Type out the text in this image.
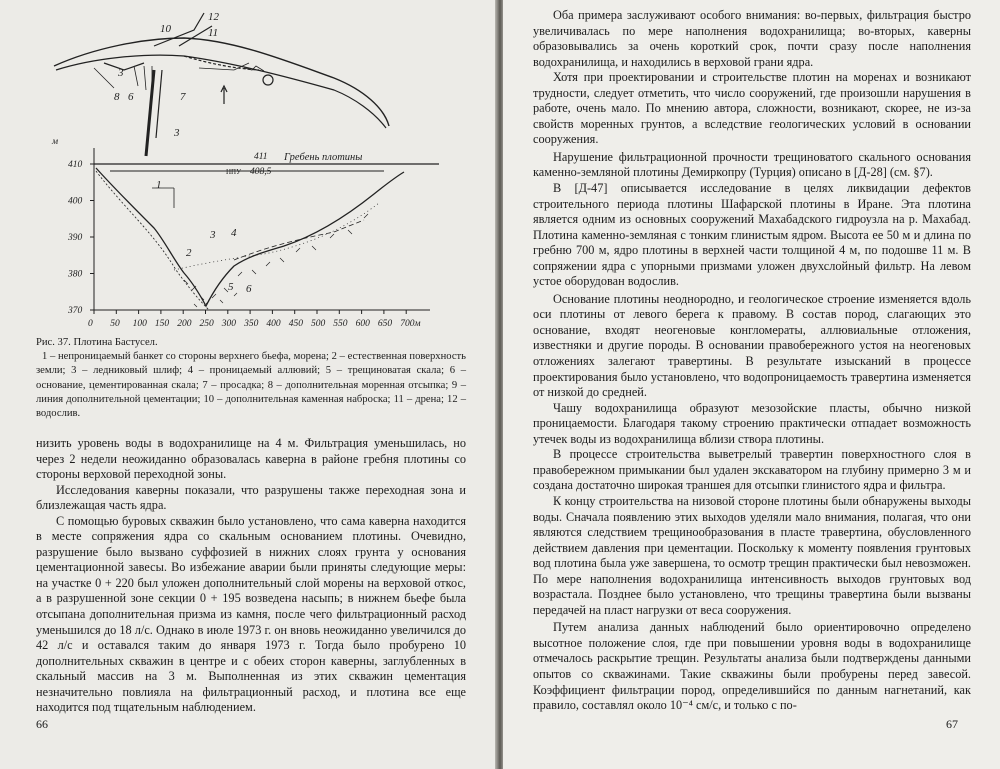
12
11
10
3
8 6	7
3
м
410
400
390
380
370
0 50 100 150 200 250 300 350 400 450 500 550 600 650 700м
411
НПУ 408,5
Гребень плотины
1
2
3 4
5 6
Рис. 37. Плотина Бастусел.
1 – непроницаемый банкет со стороны верхнего бьефа, морена; 2 – естественная поверхность земли; 3 – ледниковый шлиф; 4 – проницаемый аллювий; 5 – трещиноватая скала; 6 – основание, цементированная скала; 7 – просадка; 8 – дополнительная моренная отсыпка; 9 – линия дополнительной цементации; 10 – дополнительная каменная наброска; 11 – дрена; 12 – водослив.

низить уровень воды в водохранилище на 4 м. Фильтрация уменьшилась, но через 2 недели неожиданно образовалась каверна в районе гребня плотины со стороны верховой переходной зоны.

Исследования каверны показали, что разрушены также переходная зона и близлежащая часть ядра.

С помощью буровых скважин было установлено, что сама каверна находится в месте сопряжения ядра со скальным основанием плотины. Очевидно, разрушение было вызвано суффозией в нижних слоях грунта у основания цементационной завесы. Во избежание аварии были приняты следующие меры: на участке 0 + 220 был уложен дополнительный слой морены на верховой откос, а в разрушенной зоне секции 0 + 195 возведена насыпь; в нижнем бьефе была отсыпана дополнительная призма из камня, после чего фильтрационный расход уменьшился до 18 л/с. Однако в июле 1973 г. он вновь неожиданно увеличился до 42 л/с и оставался таким до января 1973 г. Тогда было пробурено 10 дополнительных скважин в центре и с обеих сторон каверны, заглубленных в скальный массив на 3 м. Выполненная из этих скважин цементация незначительно повлияла на фильтрационный расход, и плотина все еще находится под тщательным наблюдением.

66

Оба примера заслуживают особого внимания: во-первых, фильтрация быстро увеличивалась по мере наполнения водохранилища; во-вторых, каверны образовывались за очень короткий срок, почти сразу после наполнения водохранилища, и находились в верховой грани ядра.

Хотя при проектировании и строительстве плотин на моренах и возникают трудности, следует отметить, что число сооружений, где произошли нарушения в работе, очень мало. По мнению автора, сложности, возникают, скорее, не из-за свойств моренных грунтов, а вследствие геологических условий в основании сооружения.

Нарушение фильтрационной прочности трещиноватого скального основания каменно-земляной плотины Демиркопру (Турция) описано в [Д-28] (см. §7).

В [Д-47] описывается исследование в целях ликвидации дефектов строительного периода плотины Шафарской плотины в Иране. Эта плотина является одним из основных сооружений Махабадского гидроузла на р. Махабад. Плотина каменно-земляная с тонким глинистым ядром. Высота ее 50 м и длина по гребню 700 м, ядро плотины в верхней части толщиной 4 м, по подошве 11 м. В сопряжении ядра с упорными призмами уложен двухслойный фильтр. На левом устое оборудован водослив.

Основание плотины неоднородно, и геологическое строение изменяется вдоль оси плотины от левого берега к правому. В состав пород, слагающих это основание, входят неогеновые конгломераты, аллювиальные отложения, известняки и другие породы. В основании правобережного устоя на неогеновых отложениях залегают травертины. В результате изысканий в процессе проектирования было установлено, что водопроницаемость травертина изменяется от низкой до средней.

Чашу водохранилища образуют мезозойские пласты, обычно низкой проницаемости. Благодаря такому строению практически отпадает возможность утечек воды из водохранилища вблизи створа плотины.

В процессе строительства выветрелый травертин поверхностного слоя в правобережном примыкании был удален экскаватором на глубину примерно 3 м и создана достаточно широкая траншея для отсыпки глинистого ядра и фильтра.

К концу строительства на низовой стороне плотины были обнаружены выходы воды. Сначала появлению этих выходов уделяли мало внимания, полагая, что они являются следствием трещинообразования в пласте травертина, обусловленного действием давления при цементации. Поскольку к моменту появления грунтовых вод плотина была уже завершена, то осмотр трещин практически был невозможен. По мере наполнения водохранилища интенсивность выходов грунтовых вод возрастала. Позднее было установлено, что трещины травертина были вызваны передачей на пласт нагрузки от веса сооружения.

Путем анализа данных наблюдений было ориентировочно определено высотное положение слоя, где при повышении уровня воды в водохранилище отмечалось раскрытие трещин. Результаты анализа были подтверждены данными опытов со скважинами. Такие скважины были пробурены перед завесой. Коэффициент фильтрации пород, определившийся по данным нагнетаний, как правило, составлял около 10⁻⁴ см/с, и только с по-

67
